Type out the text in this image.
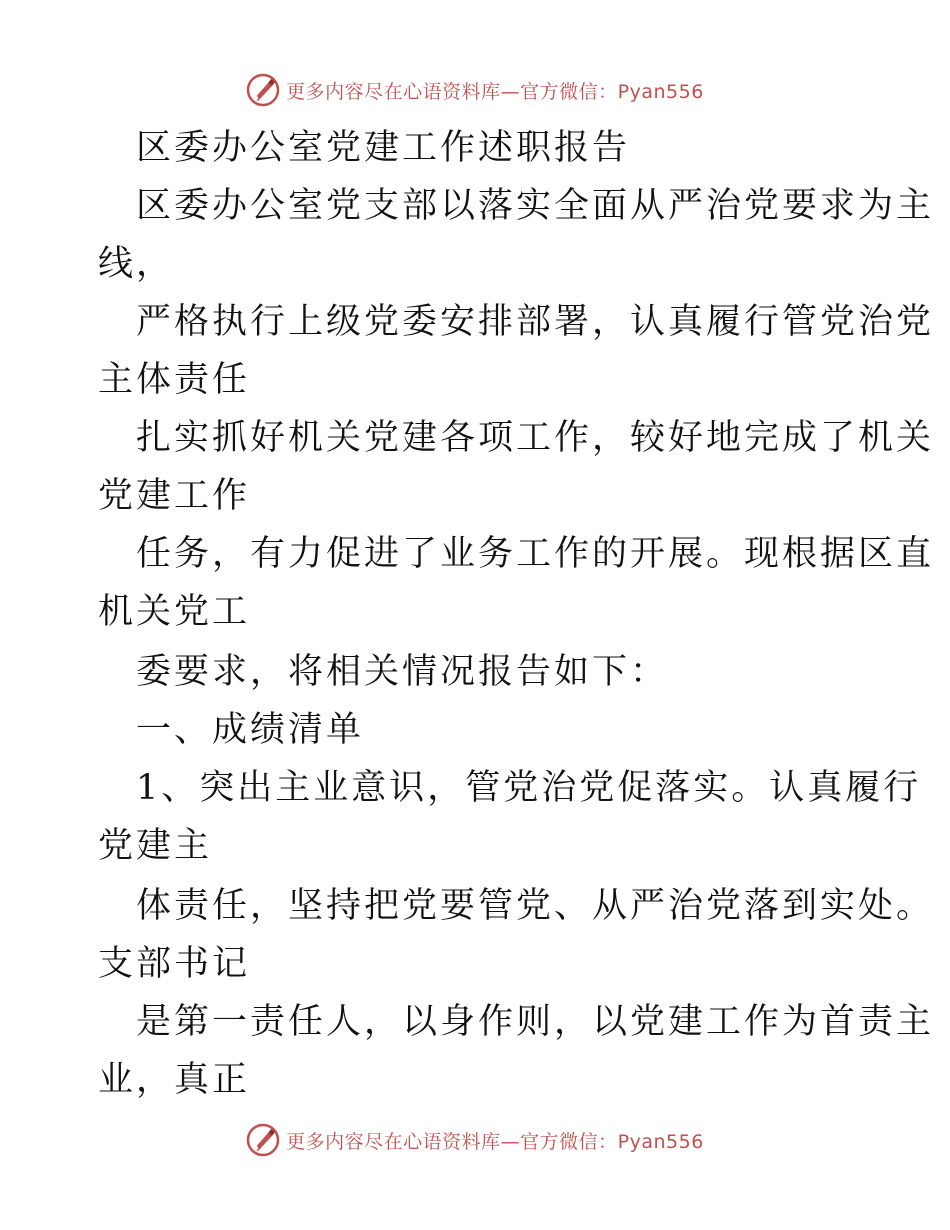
更多内容尽在心语资料库—官方微信：Pyan556
区委办公室党建工作述职报告
区委办公室党支部以落实全面从严治党要求为主
线，
严格执行上级党委安排部署，认真履行管党治党
主体责任
扎实抓好机关党建各项工作，较好地完成了机关
党建工作
任务，有力促进了业务工作的开展。现根据区直
机关党工
委要求，将相关情况报告如下：
一、成绩清单
1、突出主业意识，管党治党促落实。认真履行
党建主
体责任，坚持把党要管党、从严治党落到实处。
支部书记
是第一责任人，以身作则，以党建工作为首责主
业，真正
更多内容尽在心语资料库—官方微信：Pyan556
